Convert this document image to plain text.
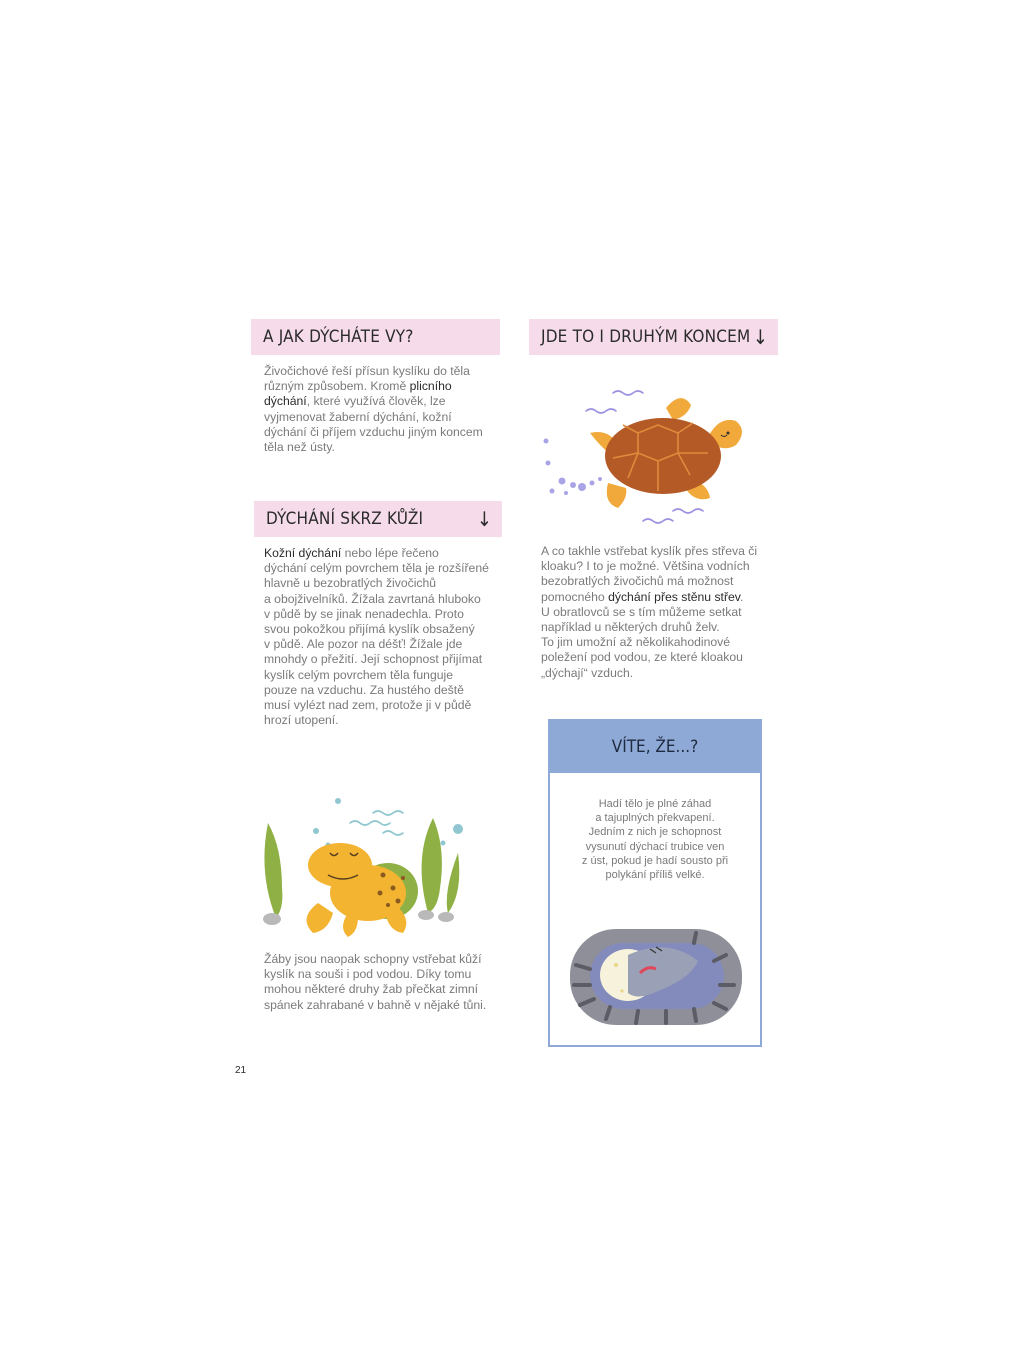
A JAK DÝCHÁTE VY?
Živočichové řeší přísun kyslíku do těla
různým způsobem. Kromě plicního
dýchání, které využívá člověk, lze
vyjmenovat žaberní dýchání, kožní
dýchání či příjem vzduchu jiným koncem
těla než ústy.
DÝCHÁNÍ SKRZ KŮŽI	↓
Kožní dýchání nebo lépe řečeno
dýchání celým povrchem těla je rozšířené
hlavně u bezobratlých živočichů
a obojživelníků. Žížala zavrtaná hluboko
v půdě by se jinak nenadechla. Proto
svou pokožkou přijímá kyslík obsažený
v půdě. Ale pozor na déšť! Žížale jde
mnohdy o přežití. Její schopnost přijímat
kyslík celým povrchem těla funguje
pouze na vzduchu. Za hustého deště
musí vylézt nad zem, protože ji v půdě
hrozí utopení.
JDE TO I DRUHÝM KONCEM ↓
A co takhle vstřebat kyslík přes střeva či
kloaku? I to je možné. Většina vodních
bezobratlých živočichů má možnost
pomocného dýchání přes stěnu střev.
U obratlovců se s tím můžeme setkat
například u některých druhů želv.
To jim umožní až několikahodinové
poležení pod vodou, ze které kloakou
„dýchají“ vzduch.
Žáby jsou naopak schopny vstřebat kůží
kyslík na souši i pod vodou. Díky tomu
mohou některé druhy žab přečkat zimní
spánek zahrabané v bahně v nějaké tůni.
VÍTE, ŽE...?
Hadí tělo je plné záhad
a tajuplných překvapení.
Jedním z nich je schopnost
vysunutí dýchací trubice ven
z úst, pokud je hadí sousto při
polykání příliš velké.
21
